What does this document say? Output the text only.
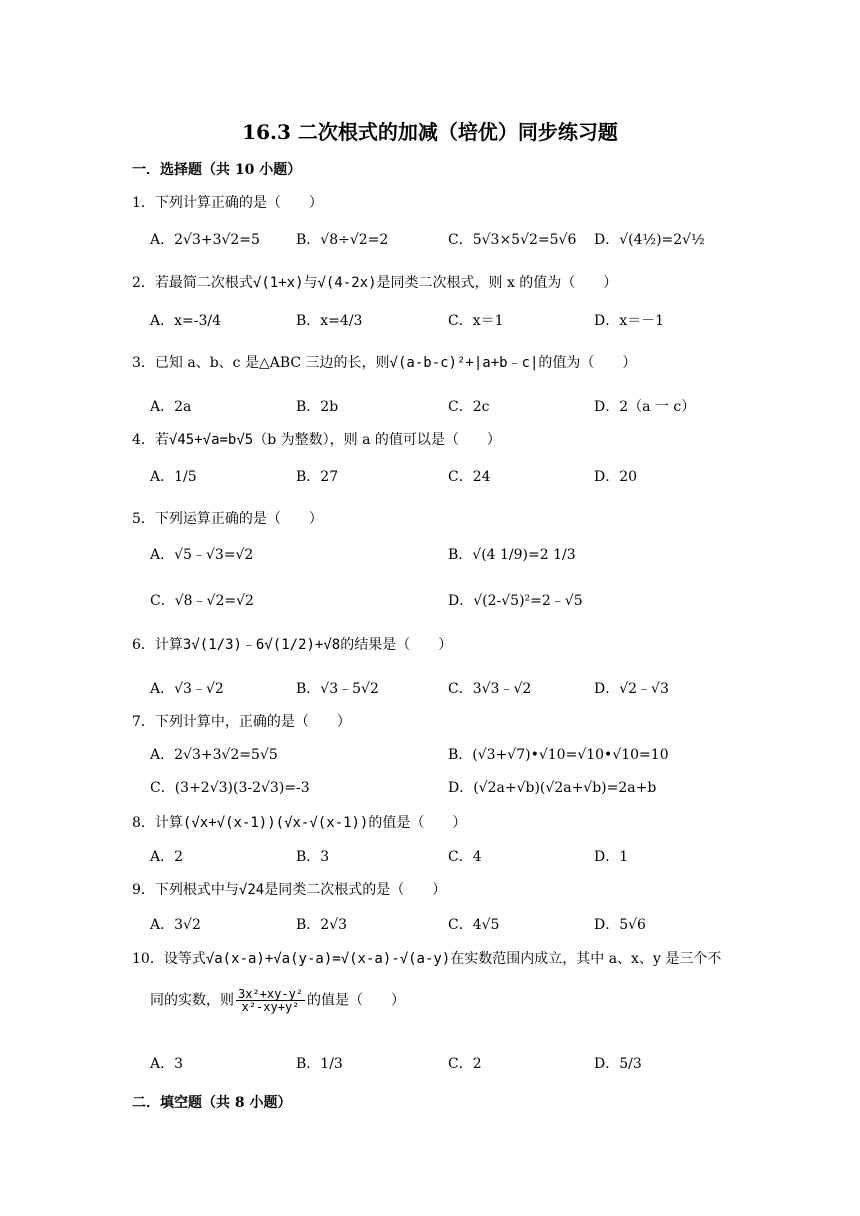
16.3 二次根式的加减（培优）同步练习题
一．选择题（共 10 小题）
1．下列计算正确的是（　　）
A．2√3+3√2=5	B．√8÷√2=2	C．5√3×5√2=5√6 D．√(4½)=2√½
2．若最简二次根式√(1+x)与√(4-2x)是同类二次根式，则 x 的值为（　　）
A．x=-3/4	B．x=4/3	C．x＝1	D．x＝－1
3．已知 a、b、c 是△ABC 三边的长，则√(a-b-c)²+|a+b﹣c|的值为（　　）
A．2a	B．2b	C．2c	D．2（a 一 c）
4．若√45+√a=b√5（b 为整数），则 a 的值可以是（　　）
A．1/5	B．27	C．24	D．20
5．下列运算正确的是（　　）
A．√5﹣√3=√2	B．√(4 1/9)=2 1/3
C．√8﹣√2=√2	D．√(2-√5)²=2﹣√5
6．计算3√(1/3)﹣6√(1/2)+√8的结果是（　　）
A．√3﹣√2	B．√3﹣5√2	C．3√3﹣√2	D．√2﹣√3
7．下列计算中，正确的是（　　）
A．2√3+3√2=5√5	B．(√3+√7)•√10=√10•√10=10
C．(3+2√3)(3-2√3)=-3	D．(√2a+√b)(√2a+√b)=2a+b
8．计算(√x+√(x-1))(√x-√(x-1))的值是（　　）
A．2	B．3	C．4	D．1
9．下列根式中与√24是同类二次根式的是（　　）
A．3√2	B．2√3	C．4√5	D．5√6
10．设等式√a(x-a)+√a(y-a)=√(x-a)-√(a-y)在实数范围内成立，其中 a、x、y 是三个不
同的实数，则 $\frac{\text{3x²+xy-y²}}{\text{x²-xy+y²}}$ 的值是（　　）
A．3	B．1/3	C．2	D．5/3
二．填空题（共 8 小题）
